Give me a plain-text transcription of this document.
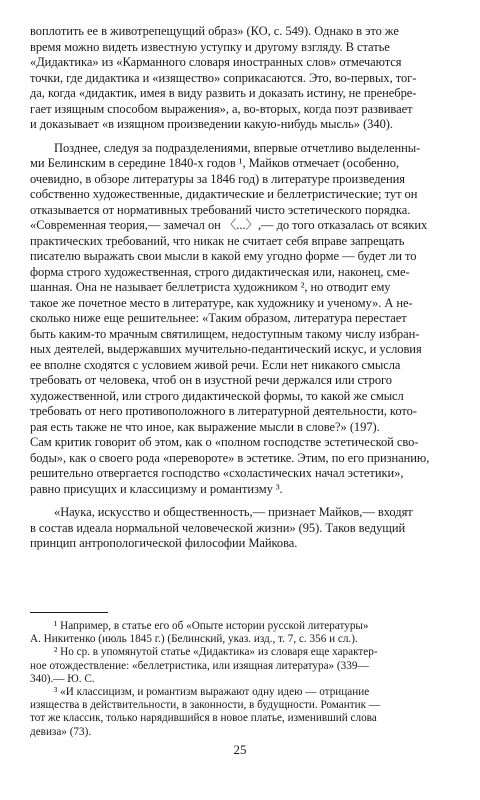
воплотить ее в животрепещущий образ» (КО, с. 549). Однако в это же
время можно видеть известную уступку и другому взгляду. В статье
«Дидактика» из «Карманного словаря иностранных слов» отмечаются
точки, где дидактика и «изящество» соприкасаются. Это, во-первых, тог-
да, когда «дидактик, имея в виду развить и доказать истину, не пренебре-
гает изящным способом выражения», а, во-вторых, когда поэт развивает
и доказывает «в изящном произведении какую-нибудь мысль» (340).
Позднее, следуя за подразделениями, впервые отчетливо выделенны-
ми Белинским в середине 1840-х годов ¹, Майков отмечает (особенно,
очевидно, в обзоре литературы за 1846 год) в литературе произведения
собственно художественные, дидактические и беллетристические; тут он
отказывается от нормативных требований чисто эстетического порядка.
«Современная теория,— замечал он 〈...〉,— до того отказалась от всяких
практических требований, что никак не считает себя вправе запрещать
писателю выражать свои мысли в какой ему угодно форме — будет ли то
форма строго художественная, строго дидактическая или, наконец, сме-
шанная. Она не называет беллетриста художником ², но отводит ему
такое же почетное место в литературе, как художнику и ученому». А не-
сколько ниже еще решительнее: «Таким образом, литература перестает
быть каким-то мрачным святилищем, недоступным такому числу избран-
ных деятелей, выдержавших мучительно-педантический искус, и условия
ее вполне сходятся с условием живой речи. Если нет никакого смысла
требовать от человека, чтоб он в изустной речи держался или строго
художественной, или строго дидактической формы, то какой же смысл
требовать от него противоположного в литературной деятельности, кото-
рая есть также не что иное, как выражение мысли в слове?» (197).
Сам критик говорит об этом, как о «полном господстве эстетической сво-
боды», как о своего рода «перевороте» в эстетике. Этим, по его признанию,
решительно отвергается господство «схоластических начал эстетики»,
равно присущих и классицизму и романтизму ³.
«Наука, искусство и общественность,— признает Майков,— входят
в состав идеала нормальной человеческой жизни» (95). Таков ведущий
принцип антропологической философии Майкова.
¹ Например, в статье его об «Опыте истории русской литературы»
А. Никитенко (июль 1845 г.) (Белинский, указ. изд., т. 7, с. 356 и сл.).
² Но ср. в упомянутой статье «Дидактика» из словаря еще характер-
ное отождествление: «беллетристика, или изящная литература» (339—
340).— Ю. С.
³ «И классицизм, и романтизм выражают одну идею — отрицание
изящества в действительности, в законности, в будущности. Романтик —
тот же классик, только нарядившийся в новое платье, изменивший слова
девиза» (73).
25
